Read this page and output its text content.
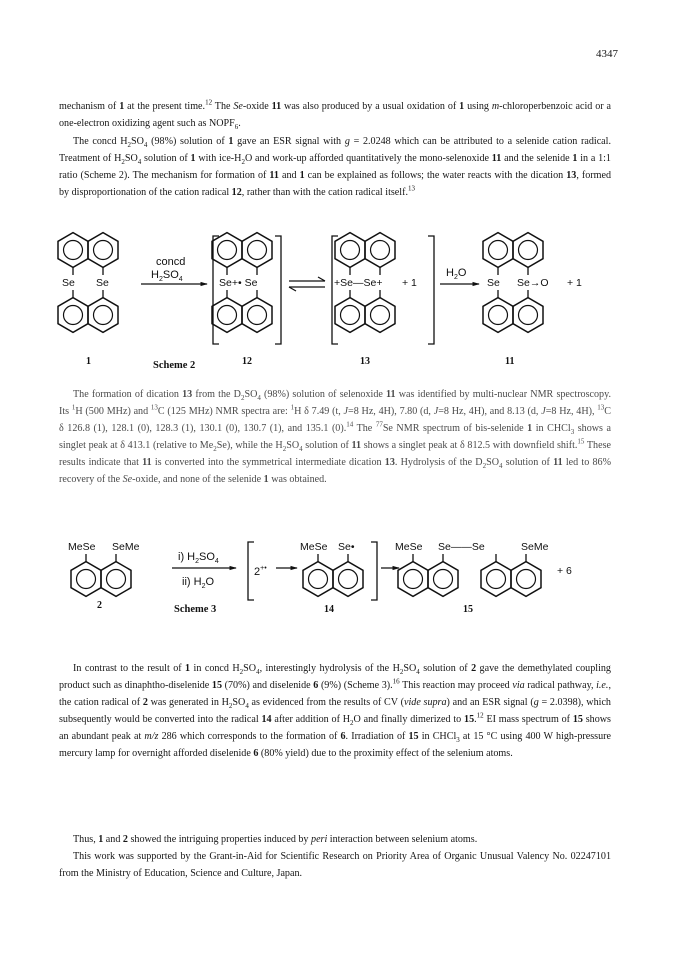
4347

mechanism of 1 at the present time.$^{12}$ The Se-oxide 11 was also produced by a usual oxidation of 1 using m-chloroperbenzoic acid or a one-electron oxidizing agent such as $NOPF_6$.

The concd $H_2SO_4$ (98%) solution of 1 gave an ESR signal with g = 2.0248 which can be attributed to a selenide cation radical. Treatment of $H_2SO_4$ solution of 1 with ice-$H_2O$ and work-up afforded quantitatively the mono-selenoxide 11 and the selenide 1 in a 1:1 ratio (Scheme 2). The mechanism for formation of 11 and 1 can be explained as follows; the water reacts with the dication 13, formed by disproportionation of the cation radical 12, rather than with the cation radical itself.$^{13}$

Se Se
1	Scheme 2
concd
$H_2SO_4$	Se+• Se
12
+Se—Se+ + 1
13
$H_2O$
Se Se→O + 1
11

The formation of dication 13 from the $D_2SO_4$ (98%) solution of selenoxide 11 was identified by multi-nuclear NMR spectroscopy. Its $^1$H (500 MHz) and $^{13}$C (125 MHz) NMR spectra are: $^1$H δ 7.49 (t, J=8 Hz, 4H), 7.80 (d, J=8 Hz, 4H), and 8.13 (d, J=8 Hz, 4H), $^{13}$C δ 126.8 (1), 128.1 (0), 128.3 (1), 130.1 (0), 130.7 (1), and 135.1 (0).$^{14}$ The $^{77}$Se NMR spectrum of bis-selenide 1 in CHCl$_3$ shows a singlet peak at δ 413.1 (relative to $Me_2Se$), while the $H_2SO_4$ solution of 11 shows a singlet peak at δ 812.5 with downfield shift.$^{15}$ These results indicate that 11 is converted into the symmetrical intermediate dication 13. Hydrolysis of the $D_2SO_4$ solution of 11 led to 86% recovery of the Se-oxide, and none of the selenide 1 was obtained.

MeSe SeMe
2	Scheme 3
i) $H_2SO_4$
ii) $H_2O$
2+•
MeSe Se•
14
MeSe Se——Se	SeMe
+ 6
15

In contrast to the result of 1 in concd $H_2SO_4$, interestingly hydrolysis of the $H_2SO_4$ solution of 2 gave the demethylated coupling product such as dinaphtho-diselenide 15 (70%) and diselenide 6 (9%) (Scheme 3).$^{16}$ This reaction may proceed via radical pathway, i.e., the cation radical of 2 was generated in $H_2SO_4$ as evidenced from the results of CV (vide supra) and an ESR signal (g = 2.0398), which subsequently would be converted into the radical 14 after addition of $H_2O$ and finally dimerized to 15.12 EI mass spectrum of 15 shows an abundant peak at m/z 286 which corresponds to the formation of 6. Irradiation of 15 in CHCl$_3$ at 15 °C using 400 W high-pressure mercury lamp for overnight afforded diselenide 6 (80% yield) due to the proximity effect of the selenium atoms.

Thus, 1 and 2 showed the intriguing properties induced by peri interaction between selenium atoms.

This work was supported by the Grant-in-Aid for Scientific Research on Priority Area of Organic Unusual Valency No. 02247101 from the Ministry of Education, Science and Culture, Japan.
